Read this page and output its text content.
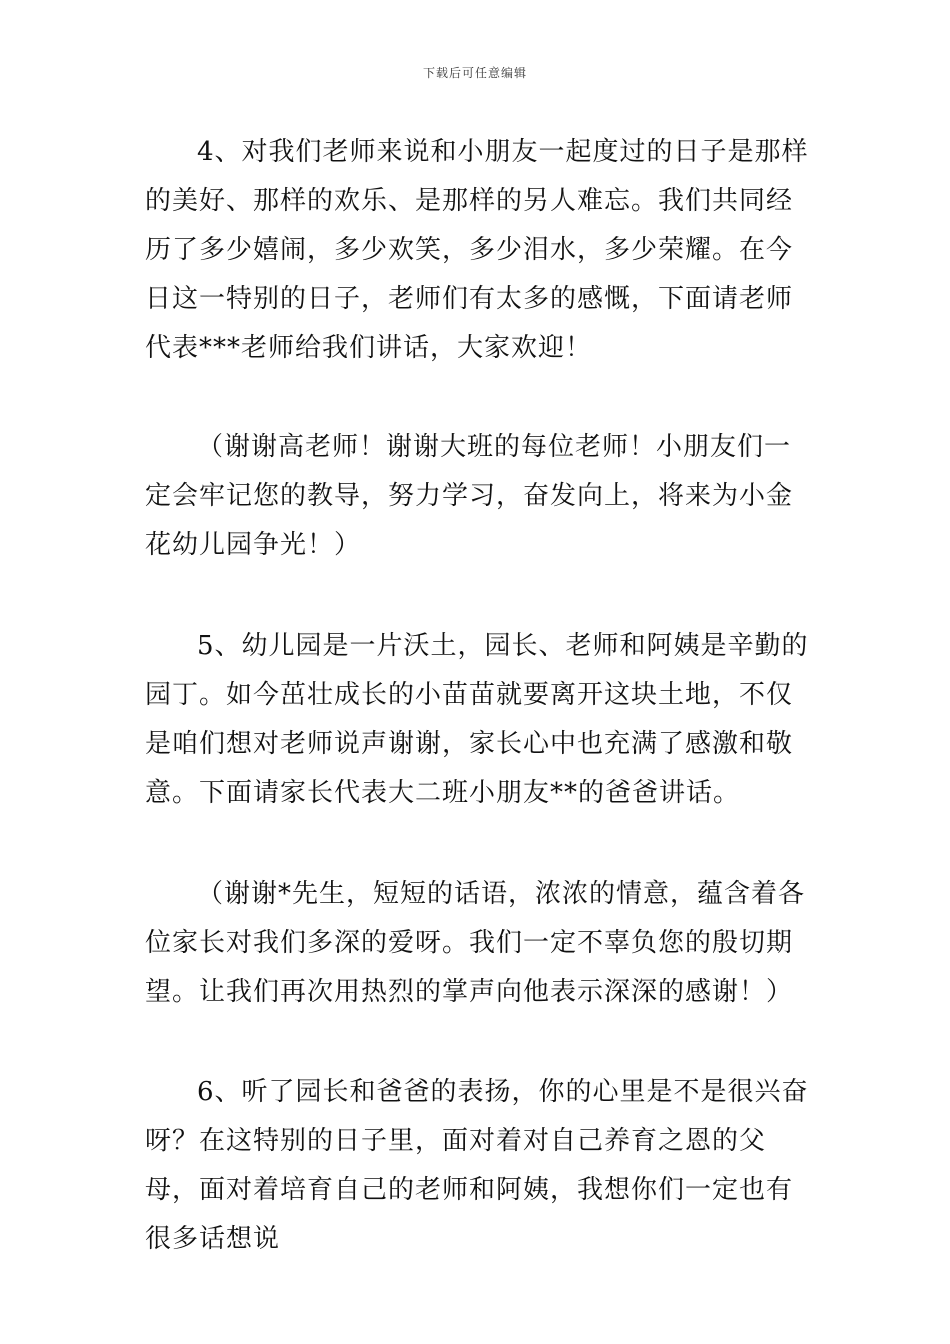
下载后可任意编辑

4、对我们老师来说和小朋友一起度过的日子是那样的美好、那样的欢乐、是那样的另人难忘。我们共同经历了多少嬉闹，多少欢笑，多少泪水，多少荣耀。在今日这一特别的日子，老师们有太多的感慨，下面请老师代表***老师给我们讲话，大家欢迎！

（谢谢高老师！谢谢大班的每位老师！小朋友们一定会牢记您的教导，努力学习，奋发向上，将来为小金花幼儿园争光！）

5、幼儿园是一片沃土，园长、老师和阿姨是辛勤的园丁。如今茁壮成长的小苗苗就要离开这块土地，不仅是咱们想对老师说声谢谢，家长心中也充满了感激和敬意。下面请家长代表大二班小朋友**的爸爸讲话。

（谢谢*先生，短短的话语，浓浓的情意，蕴含着各位家长对我们多深的爱呀。我们一定不辜负您的殷切期望。让我们再次用热烈的掌声向他表示深深的感谢！）

6、听了园长和爸爸的表扬，你的心里是不是很兴奋呀？在这特别的日子里，面对着对自己养育之恩的父母，面对着培育自己的老师和阿姨，我想你们一定也有很多话想说
